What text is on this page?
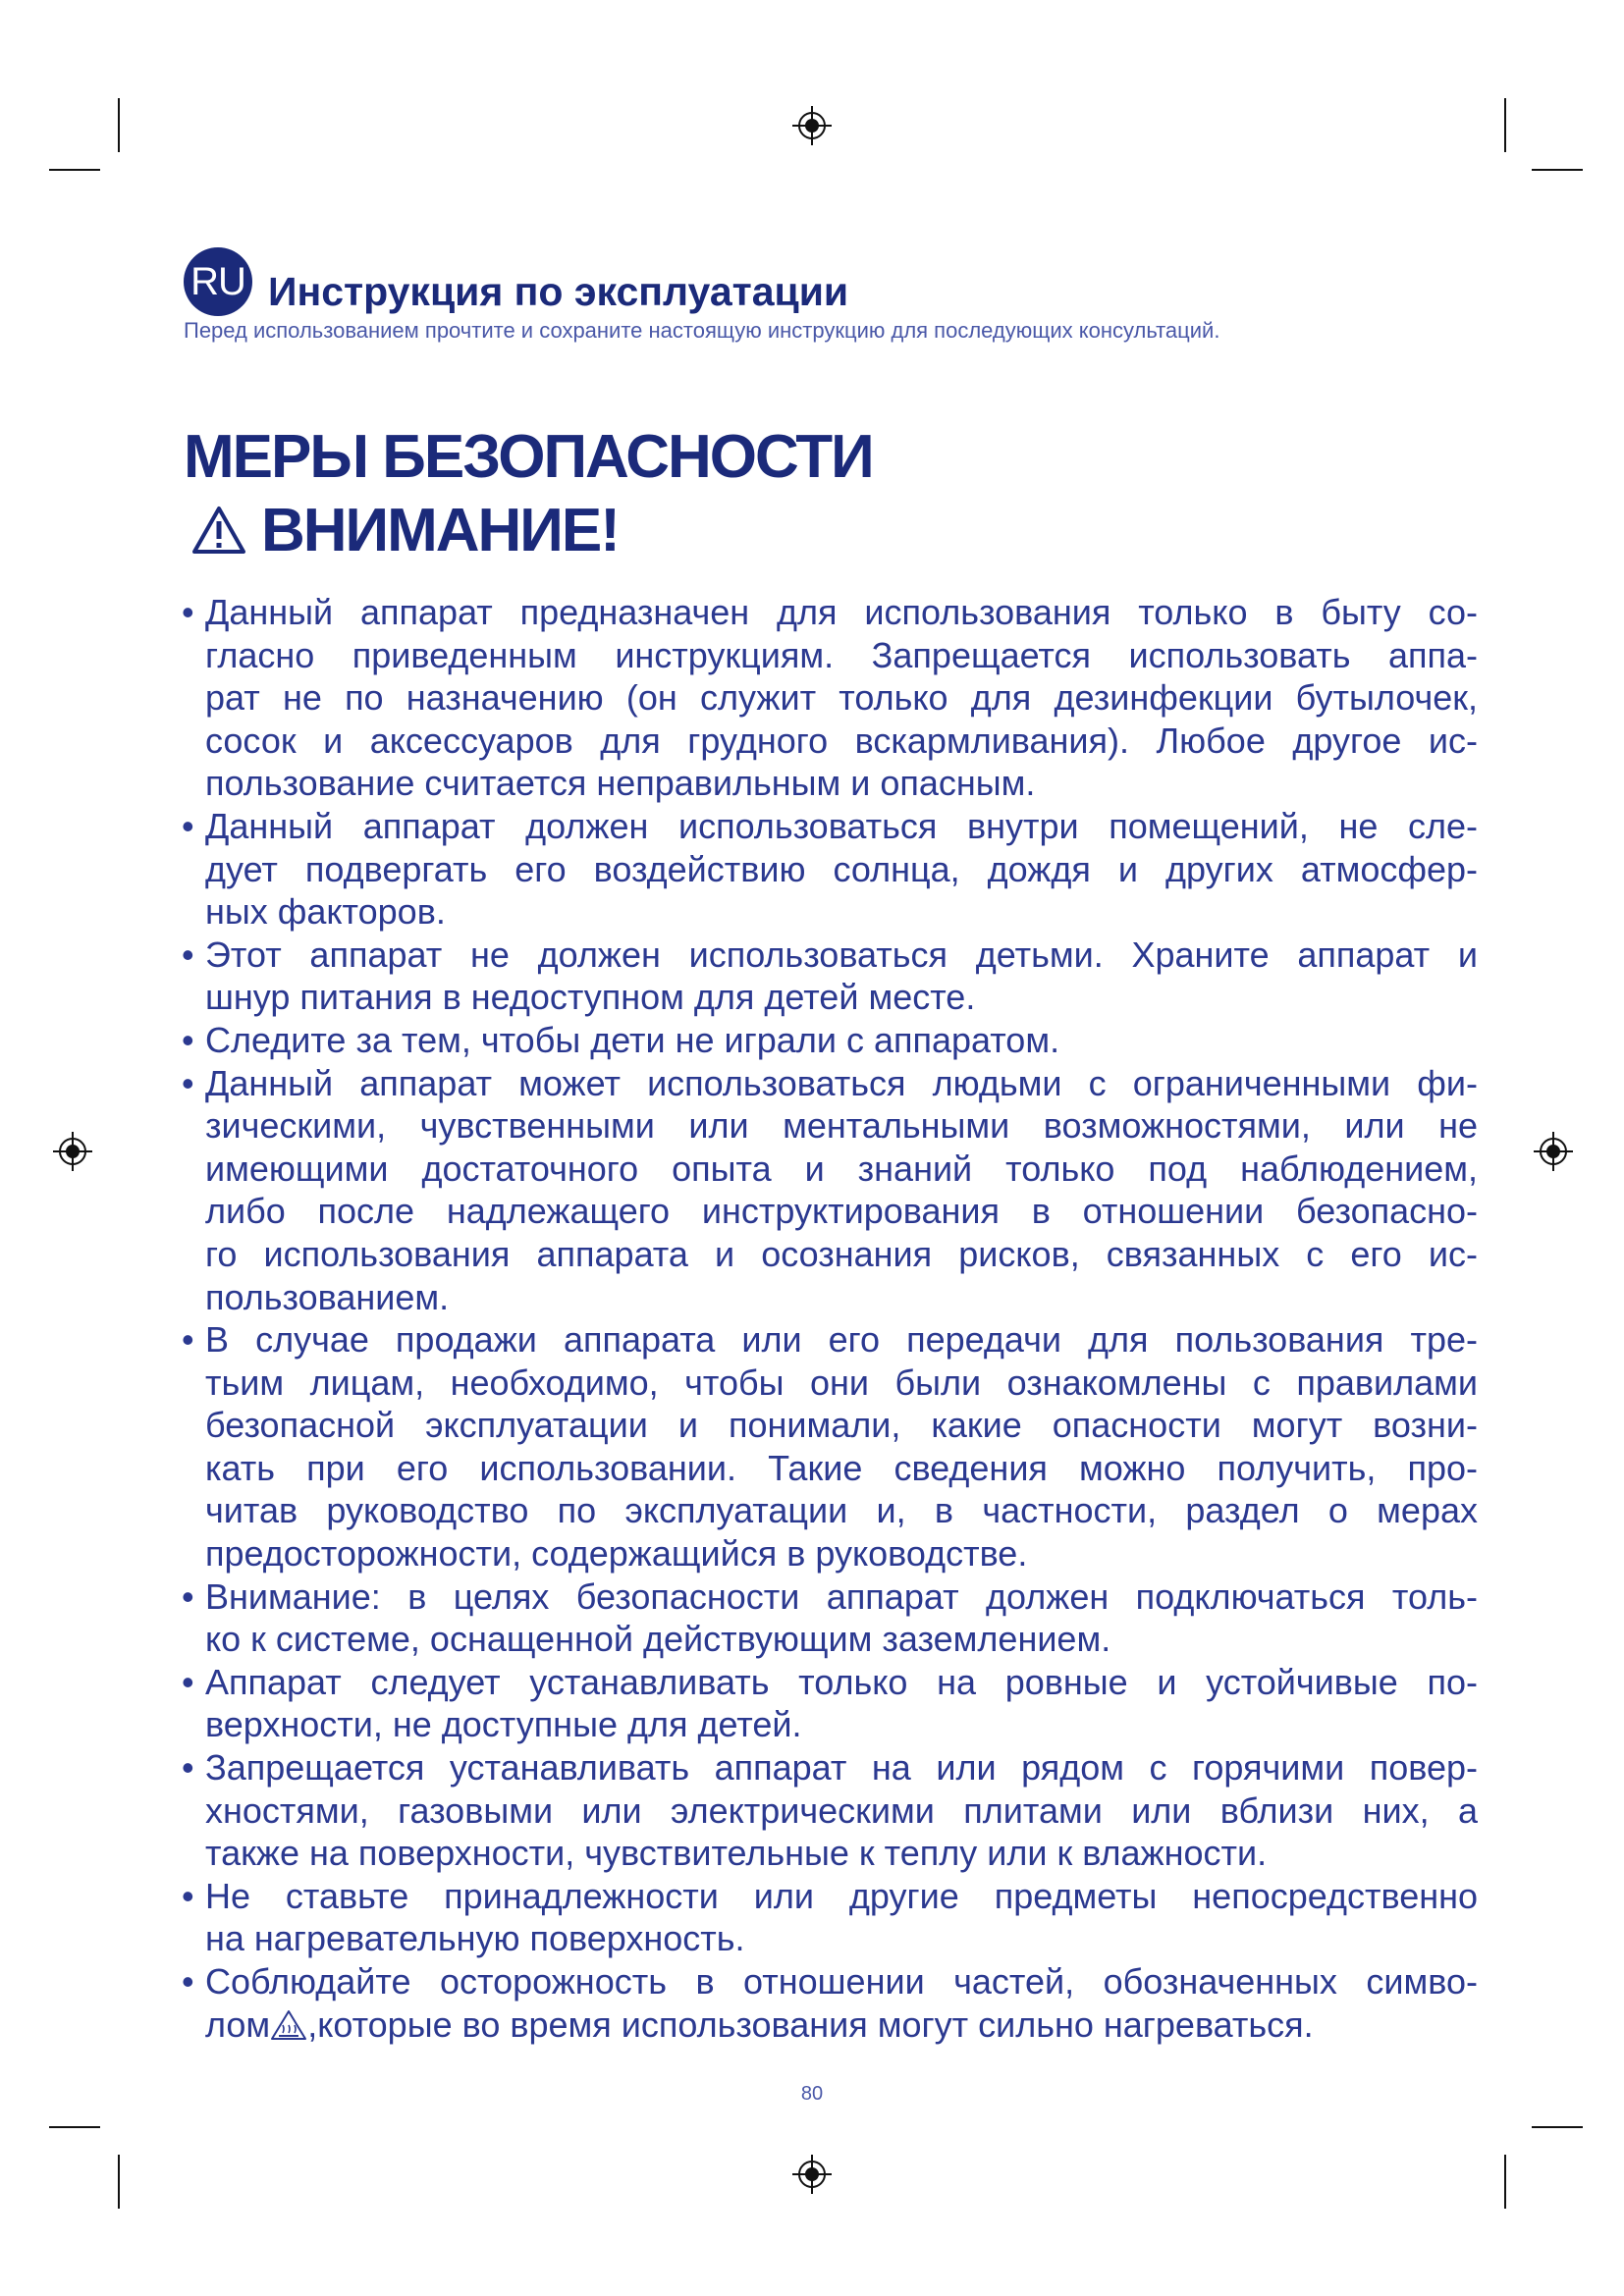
RU Инструкция по эксплуатации
Перед использованием прочтите и сохраните настоящую инструкцию для последующих консультаций.
МЕРЫ БЕЗОПАСНОСТИ
ВНИМАНИЕ!
• Данный аппарат предназначен для использования только в быту со-
гласно приведенным инструкциям. Запрещается использовать аппа-
рат не по назначению (он служит только для дезинфекции бутылочек,
сосок и аксессуаров для грудного вскармливания). Любое другое ис-
пользование считается неправильным и опасным.
• Данный аппарат должен использоваться внутри помещений, не сле-
дует подвергать его воздействию солнца, дождя и других атмосфер-
ных факторов.
• Этот аппарат не должен использоваться детьми. Храните аппарат и
шнур питания в недоступном для детей месте.
• Следите за тем, чтобы дети не играли с аппаратом.
• Данный аппарат может использоваться людьми с ограниченными фи-
зическими, чувственными или ментальными возможностями, или не
имеющими достаточного опыта и знаний только под наблюдением,
либо после надлежащего инструктирования в отношении безопасно-
го использования аппарата и осознания рисков, связанных с его ис-
пользованием.
• В случае продажи аппарата или его передачи для пользования тре-
тьим лицам, необходимо, чтобы они были ознакомлены с правилами
безопасной эксплуатации и понимали, какие опасности могут возни-
кать при его использовании. Такие сведения можно получить, про-
читав руководство по эксплуатации и, в частности, раздел о мерах
предосторожности, содержащийся в руководстве.
• Внимание: в целях безопасности аппарат должен подключаться толь-
ко к системе, оснащенной действующим заземлением.
• Аппарат следует устанавливать только на ровные и устойчивые по-
верхности, не доступные для детей.
• Запрещается устанавливать аппарат на или рядом с горячими повер-
хностями, газовыми или электрическими плитами или вблизи них, а
также на поверхности, чувствительные к теплу или к влажности.
• Не ставьте принадлежности или другие предметы непосредственно
на нагревательную поверхность.
• Соблюдайте осторожность в отношении частей, обозначенных симво-
лом ,которые во время использования могут сильно нагреваться.
80
